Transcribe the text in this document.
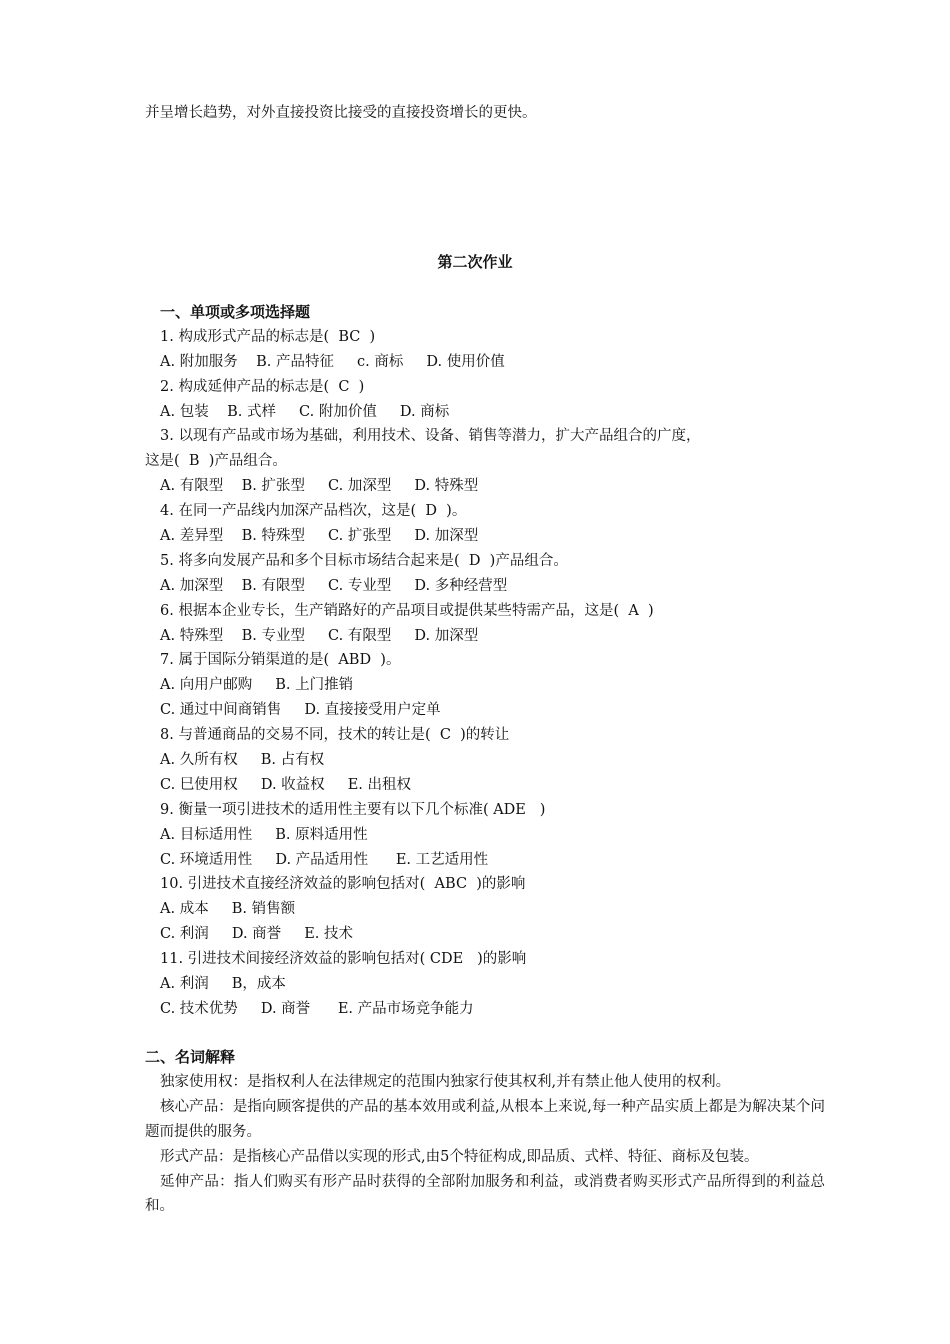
并呈增长趋势，对外直接投资比接受的直接投资增长的更快。
第二次作业
一、单项或多项选择题
1. 构成形式产品的标志是(  BC  )
A. 附加服务    B. 产品特征     c. 商标     D. 使用价值
2. 构成延伸产品的标志是(  C  )
A. 包装    B. 式样     C. 附加价值     D. 商标
3. 以现有产品或市场为基础，利用技术、设备、销售等潜力，扩大产品组合的广度，
这是(  B  )产品组合。
A. 有限型    B. 扩张型     C. 加深型     D. 特殊型
4. 在同一产品线内加深产品档次，这是(  D  )。
A. 差异型    B. 特殊型     C. 扩张型     D. 加深型
5. 将多向发展产品和多个目标市场结合起来是(  D  )产品组合。
A. 加深型    B. 有限型     C. 专业型     D. 多种经营型
6. 根据本企业专长，生产销路好的产品项目或提供某些特需产品，这是(  A  )
A. 特殊型    B. 专业型     C. 有限型     D. 加深型
7. 属于国际分销渠道的是(  ABD  )。
A. 向用户邮购     B. 上门推销
C. 通过中间商销售     D. 直接接受用户定单
8. 与普通商品的交易不同，技术的转让是(  C  )的转让
A. 久所有权     B. 占有权
C. 巳使用权     D. 收益权     E. 出租权
9. 衡量一项引进技术的适用性主要有以下几个标准( ADE   )
A. 目标适用性     B. 原料适用性
C. 环境适用性     D. 产品适用性      E. 工艺适用性
10. 引进技术直接经济效益的影响包括对(  ABC  )的影响
A. 成本     B. 销售额
C. 利润     D. 商誉     E. 技术
11. 引进技术间接经济效益的影响包括对( CDE   )的影响
A. 利润     B，成本
C. 技术优势     D. 商誉      E. 产品市场竞争能力
二、名词解释
独家使用权：是指权利人在法律规定的范围内独家行使其权利,并有禁止他人使用的权利。
核心产品：是指向顾客提供的产品的基本效用或利益,从根本上来说,每一种产品实质上都是为解决某个问题而提供的服务。
形式产品：是指核心产品借以实现的形式,由5个特征构成,即品质、式样、特征、商标及包装。
延伸产品：指人们购买有形产品时获得的全部附加服务和利益，或消费者购买形式产品所得到的利益总和。
